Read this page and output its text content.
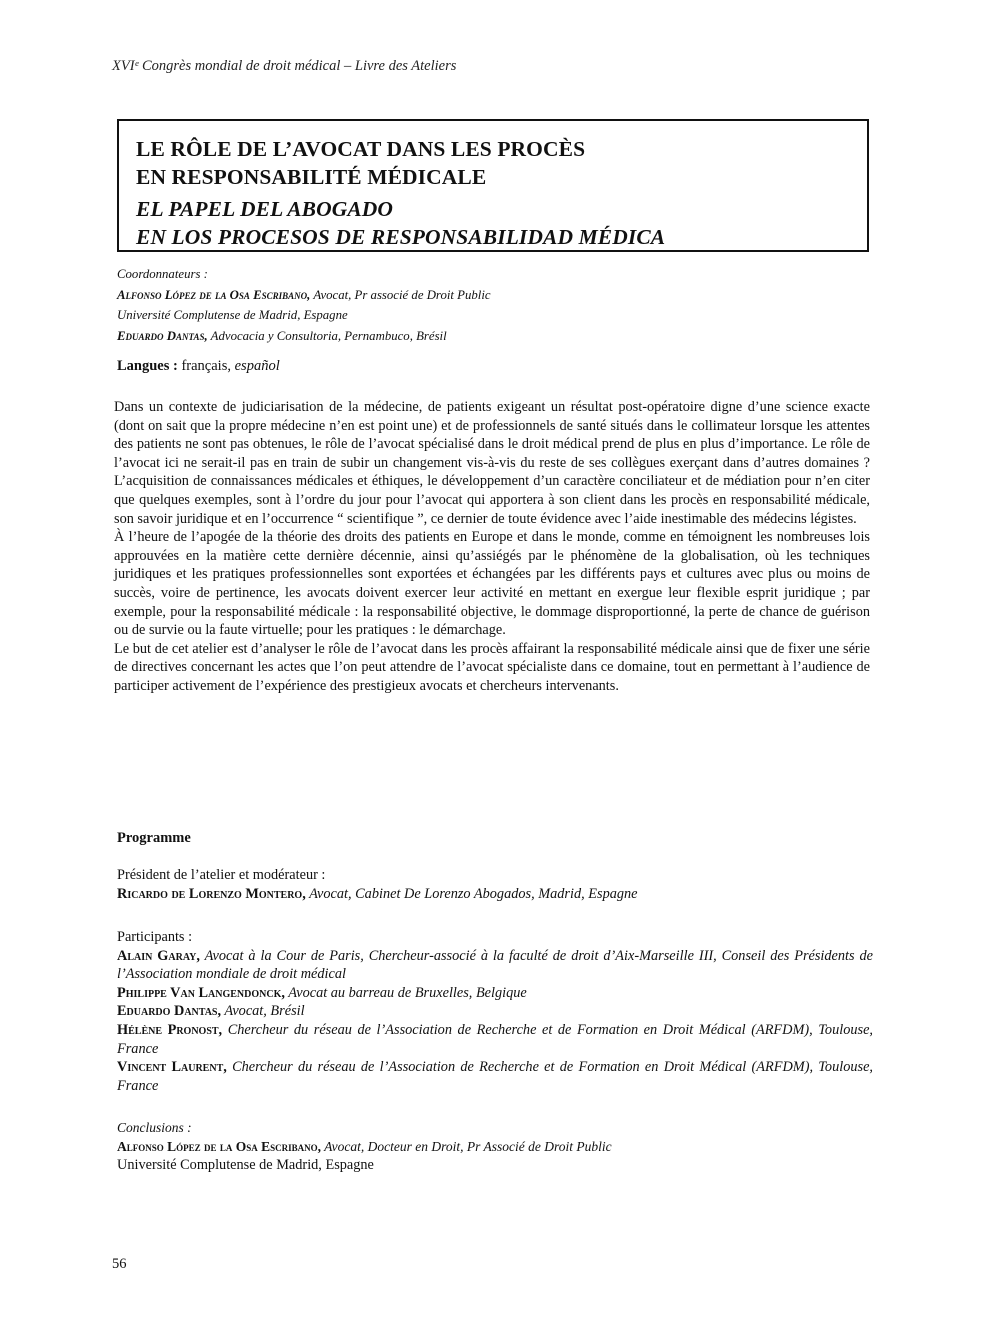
XVIᵉ Congrès mondial de droit médical – Livre des Ateliers
LE RÔLE DE L’AVOCAT DANS LES PROCÈS
EN RESPONSABILITÉ MÉDICALE
EL PAPEL DEL ABOGADO
EN LOS PROCESOS DE RESPONSABILIDAD MÉDICA
Coordonnateurs :
Alfonso López de la Osa Escribano, Avocat, Pr associé de Droit Public
Université Complutense de Madrid, Espagne
Eduardo Dantas, Advocacia y Consultoria, Pernambuco, Brésil
Langues : français, español

Dans un contexte de judiciarisation de la médecine, de patients exigeant un résultat post-opératoire digne d’une science exacte (dont on sait que la propre médecine n’en est point une) et de professionnels de santé situés dans le collimateur lorsque les attentes des patients ne sont pas obtenues, le rôle de l’avocat spécialisé dans le droit médical prend de plus en plus d’importance. Le rôle de l’avocat ici ne serait-il pas en train de subir un changement vis-à-vis du reste de ses collègues exerçant dans d’autres domaines ? L’acquisition de connaissances médicales et éthiques, le développement d’un caractère conciliateur et de médiation pour n’en citer que quelques exemples, sont à l’ordre du jour pour l’avocat qui apportera à son client dans les procès en responsabilité médicale, son savoir juridique et en l’occurrence “ scientifique ”, ce dernier de toute évidence avec l’aide inestimable des médecins légistes.

À l’heure de l’apogée de la théorie des droits des patients en Europe et dans le monde, comme en témoignent les nombreuses lois approuvées en la matière cette dernière décennie, ainsi qu’assiégés par le phénomène de la globalisation, où les techniques juridiques et les pratiques professionnelles sont exportées et échangées par les différents pays et cultures avec plus ou moins de succès, voire de pertinence, les avocats doivent exercer leur activité en mettant en exergue leur flexible esprit juridique ; par exemple, pour la responsabilité médicale : la responsabilité objective, le dommage disproportionné, la perte de chance de guérison ou de survie ou la faute virtuelle; pour les pratiques : le démarchage.

Le but de cet atelier est d’analyser le rôle de l’avocat dans les procès affairant la responsabilité médicale ainsi que de fixer une série de directives concernant les actes que l’on peut attendre de l’avocat spécialiste dans ce domaine, tout en permettant à l’audience de participer activement de l’expérience des prestigieux avocats et chercheurs intervenants.

Programme
Président de l’atelier et modérateur :
Ricardo de Lorenzo Montero, Avocat, Cabinet De Lorenzo Abogados, Madrid, Espagne
Participants :
Alain Garay, Avocat à la Cour de Paris, Chercheur-associé à la faculté de droit d’Aix-Marseille III, Conseil des Présidents de l’Association mondiale de droit médical
Philippe Van Langendonck, Avocat au barreau de Bruxelles, Belgique
Eduardo Dantas, Avocat, Brésil
Hélène Pronost, Chercheur du réseau de l’Association de Recherche et de Formation en Droit Médical (ARFDM), Toulouse, France
Vincent Laurent, Chercheur du réseau de l’Association de Recherche et de Formation en Droit Médical (ARFDM), Toulouse, France
Conclusions :
Alfonso López de la Osa Escribano, Avocat, Docteur en Droit, Pr Associé de Droit Public
Université Complutense de Madrid, Espagne
56
